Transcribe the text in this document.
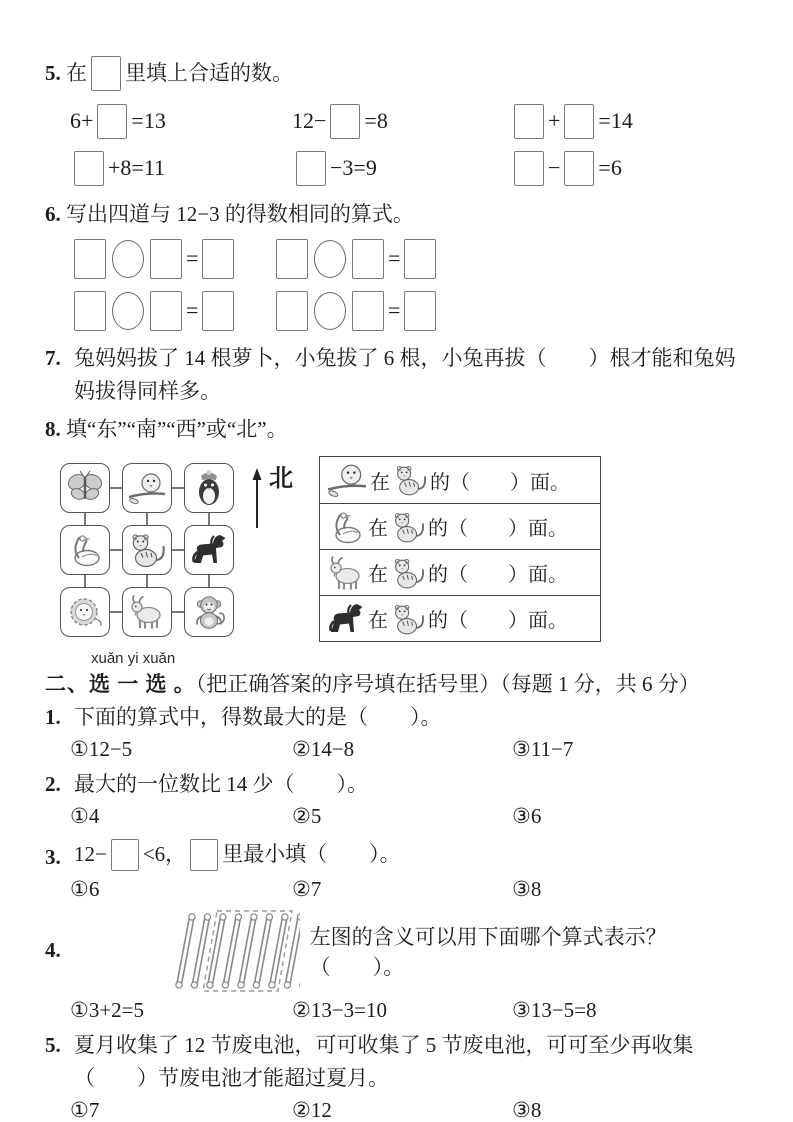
5. 在 里填上合适的数。
6+ =13	12− =8	+ =14
+8=11	−3=9	− =6
6. 写出四道与 12−3 的得数相同的算式。
=	=
=	=
7. 兔妈妈拔了 14 根萝卜，小兔拔了 6 根，小兔再拔（　　）根才能和兔妈
妈拔得同样多。
8. 填“东”“南”“西”或“北”。
北	在 的（　　）面。
在 的（　　）面。
在 的（　　）面。
在 的（　　）面。
xuǎn yi xuǎn
二、选 一 选 。（把正确答案的序号填在括号里）（每题 1 分，共 6 分）
1. 下面的算式中，得数最大的是（　　）。
①12−5	②14−8	③11−7
2. 最大的一位数比 14 少（　　）。
①4	②5	③6
3. 12− <6， 里最小填（　　）。
①6	②7	③8
4.
左图的含义可以用下面哪个算式表示？（　　）。
①3+2=5	②13−3=10	③13−5=8
5. 夏月收集了 12 节废电池，可可收集了 5 节废电池，可可至少再收集
（　　）节废电池才能超过夏月。
①7	②12	③8
